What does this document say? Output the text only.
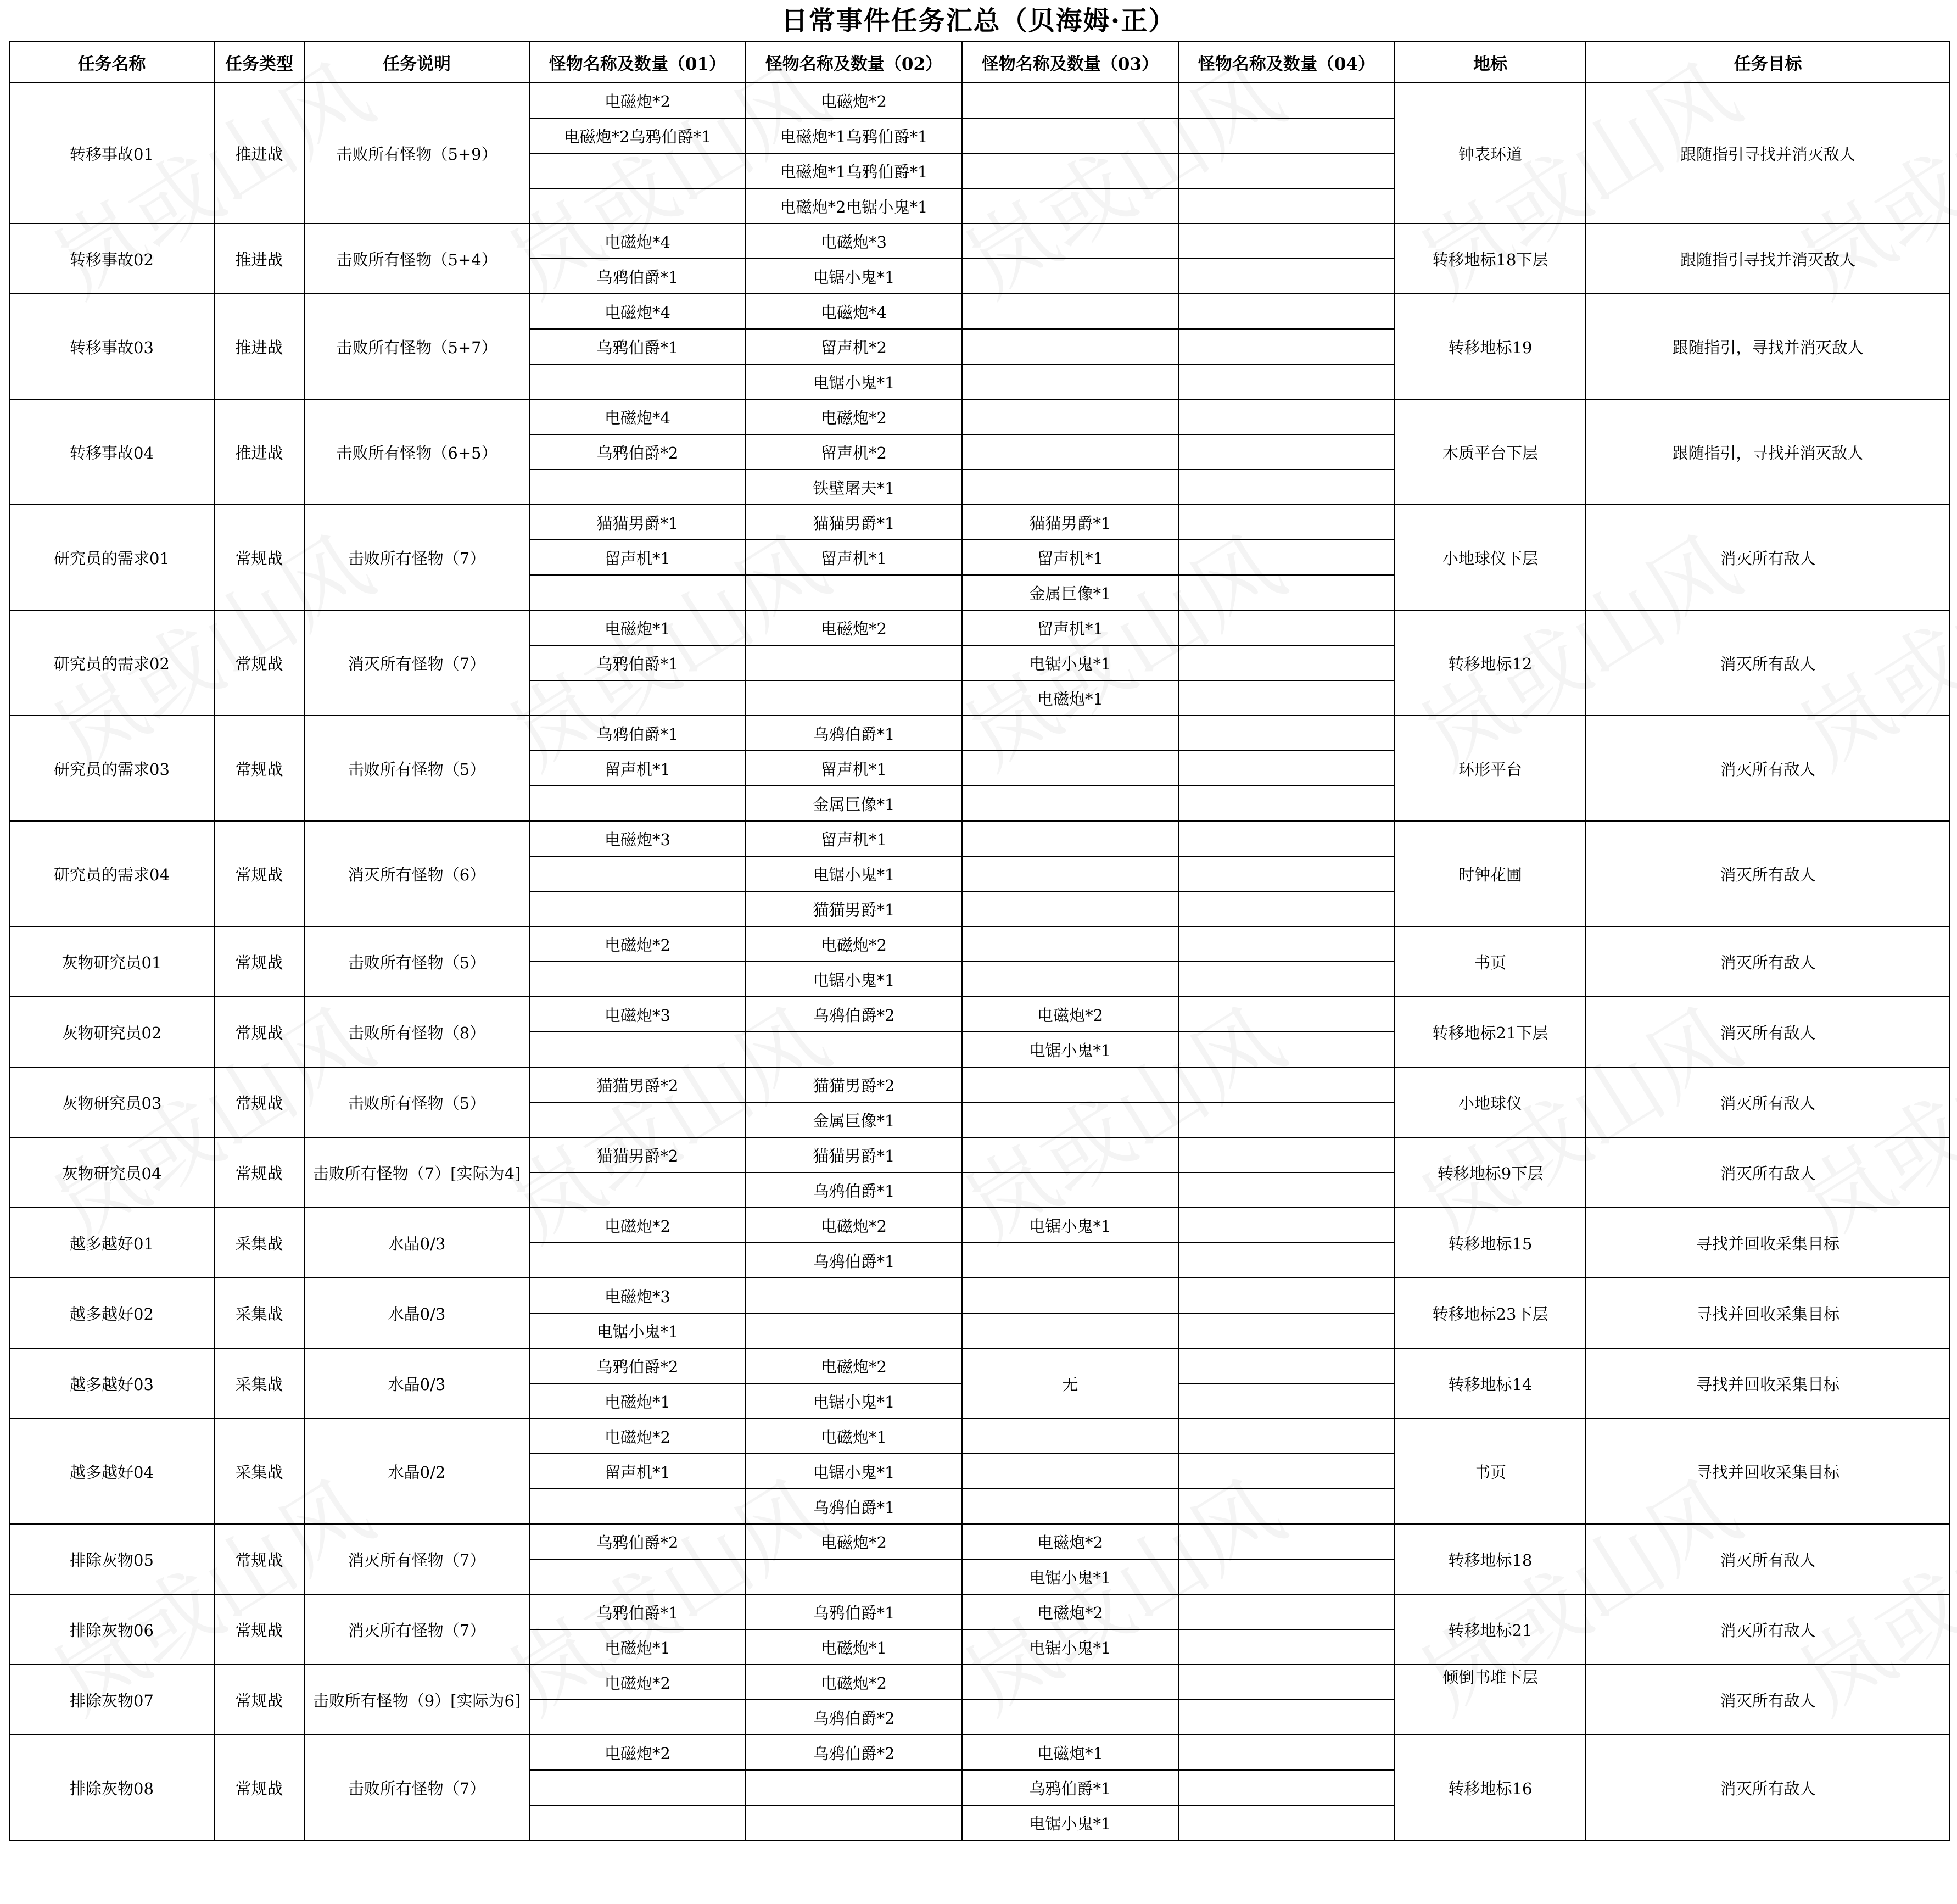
日常事件任务汇总（贝海姆·正）
任务名称	任务类型	任务说明	怪物名称及数量（01）	怪物名称及数量（02）	怪物名称及数量（03）	怪物名称及数量（04）	地标	任务目标
转移事故01	推进战	击败所有怪物（5+9）	电磁炮*2	电磁炮*2			钟表环道	跟随指引寻找并消灭敌人
			电磁炮*2乌鸦伯爵*1	电磁炮*1乌鸦伯爵*1				
				电磁炮*1乌鸦伯爵*1				
				电磁炮*2电锯小鬼*1				
转移事故02	推进战	击败所有怪物（5+4）	电磁炮*4	电磁炮*3			转移地标18下层	跟随指引寻找并消灭敌人
			乌鸦伯爵*1	电锯小鬼*1				
转移事故03	推进战	击败所有怪物（5+7）	电磁炮*4	电磁炮*4			转移地标19	跟随指引，寻找并消灭敌人
			乌鸦伯爵*1	留声机*2				
				电锯小鬼*1				
转移事故04	推进战	击败所有怪物（6+5）	电磁炮*4	电磁炮*2			木质平台下层	跟随指引，寻找并消灭敌人
			乌鸦伯爵*2	留声机*2				
				铁壁屠夫*1				
研究员的需求01	常规战	击败所有怪物（7）	猫猫男爵*1	猫猫男爵*1	猫猫男爵*1		小地球仪下层	消灭所有敌人
			留声机*1	留声机*1	留声机*1			
					金属巨像*1			
研究员的需求02	常规战	消灭所有怪物（7）	电磁炮*1	电磁炮*2	留声机*1		转移地标12	消灭所有敌人
			乌鸦伯爵*1		电锯小鬼*1			
					电磁炮*1			
研究员的需求03	常规战	击败所有怪物（5）	乌鸦伯爵*1	乌鸦伯爵*1			环形平台	消灭所有敌人
			留声机*1	留声机*1				
				金属巨像*1				
研究员的需求04	常规战	消灭所有怪物（6）	电磁炮*3	留声机*1			时钟花圃	消灭所有敌人
				电锯小鬼*1				
				猫猫男爵*1				
灰物研究员01	常规战	击败所有怪物（5）	电磁炮*2	电磁炮*2			书页	消灭所有敌人
				电锯小鬼*1				
灰物研究员02	常规战	击败所有怪物（8）	电磁炮*3	乌鸦伯爵*2	电磁炮*2		转移地标21下层	消灭所有敌人
					电锯小鬼*1			
灰物研究员03	常规战	击败所有怪物（5）	猫猫男爵*2	猫猫男爵*2			小地球仪	消灭所有敌人
				金属巨像*1				
灰物研究员04	常规战	击败所有怪物（7）[实际为4]	猫猫男爵*2	猫猫男爵*1			转移地标9下层	消灭所有敌人
				乌鸦伯爵*1				
越多越好01	采集战	水晶0/3	电磁炮*2	电磁炮*2	电锯小鬼*1		转移地标15	寻找并回收采集目标
				乌鸦伯爵*1				
越多越好02	采集战	水晶0/3	电磁炮*3				转移地标23下层	寻找并回收采集目标
			电锯小鬼*1					
越多越好03	采集战	水晶0/3	乌鸦伯爵*2	电磁炮*2	无		转移地标14	寻找并回收采集目标
			电磁炮*1	电锯小鬼*1				
越多越好04	采集战	水晶0/2	电磁炮*2	电磁炮*1			书页	寻找并回收采集目标
			留声机*1	电锯小鬼*1				
				乌鸦伯爵*1				
排除灰物05	常规战	消灭所有怪物（7）	乌鸦伯爵*2	电磁炮*2	电磁炮*2		转移地标18	消灭所有敌人
					电锯小鬼*1			
排除灰物06	常规战	消灭所有怪物（7）	乌鸦伯爵*1	乌鸦伯爵*1	电磁炮*2		转移地标21	消灭所有敌人
			电磁炮*1	电磁炮*1	电锯小鬼*1			
排除灰物07	常规战	击败所有怪物（9）[实际为6]	电磁炮*2	电磁炮*2			倾倒书堆下层	消灭所有敌人
				乌鸦伯爵*2				
排除灰物08	常规战	击败所有怪物（7）	电磁炮*2	乌鸦伯爵*2	电磁炮*1		转移地标16	消灭所有敌人
					乌鸦伯爵*1			
					电锯小鬼*1			
